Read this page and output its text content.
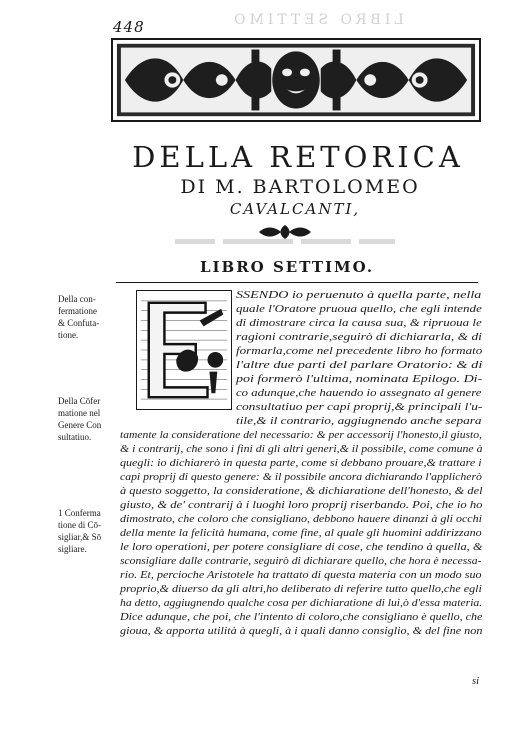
448	LIBRO SETTIMO
DELLA RETORICA
DI M. BARTOLOMEO
CAVALCANTI,
LIBRO SETTIMO.
Della con-
fermatione
& Confuta-
tione.
Della Cōfer
matione nel
Genere Con
sultatiuo.
1 Conferma
tione di Cō-
sigliar,& Sō
sigliare.
SSENDO io peruenuto à quella parte, nella
quale l'Oratore pruoua quello, che egli intende
di dimostrare circa la causa sua, & ripruoua le
ragioni contrarie,seguirò di dichiararla, & di
formarla,come nel precedente libro ho formato
l'altre due parti del parlare Oratorio: & di
poi formerò l'ultima, nominata Epilogo. Di-
co adunque,che hauendo io assegnato al genere
consultatiuo per capi proprij,& principali l'u-
tile,& il contrario, aggiugnendo anche separa
tamente la consideratione del necessario: & per accessorij l'honesto,il giusto,
& i contrarij, che sono i fini di gli altri generi,& il possibile, come comune à
quegli: io dichiarerò in questa parte, come si debbano prouare,& trattare i
capi proprij di questo genere: & il possibile ancora dichiarando l'applicherò
à questo soggetto, la consideratione, & dichiaratione dell'honesto, & del
giusto, & de' contrarij à i luoghi loro proprij riserbando. Poi, che io ho
dimostrato, che coloro che consigliano, debbono hauere dinanzi à gli occhi
della mente la felicità humana, come fine, al quale gli huomini addirizzano
le loro operationi, per potere consigliare di cose, che tendino à quella, &
sconsigliare dalle contrarie, seguirò di dichiarare quello, che hora è necessa-
rio. Et, percioche Aristotele ha trattato di questa materia con un modo suo
proprio,& diuerso da gli altri,ho deliberato di referire tutto quello,che egli
ha detto, aggiugnendo qualche cosa per dichiaratione di lui,ò d'essa materia.
Dice adunque, che poi, che l'intento di coloro,che consigliano è quello, che
gioua, & apporta utilità à quegli, à i quali danno consiglio, & del fine non
si
